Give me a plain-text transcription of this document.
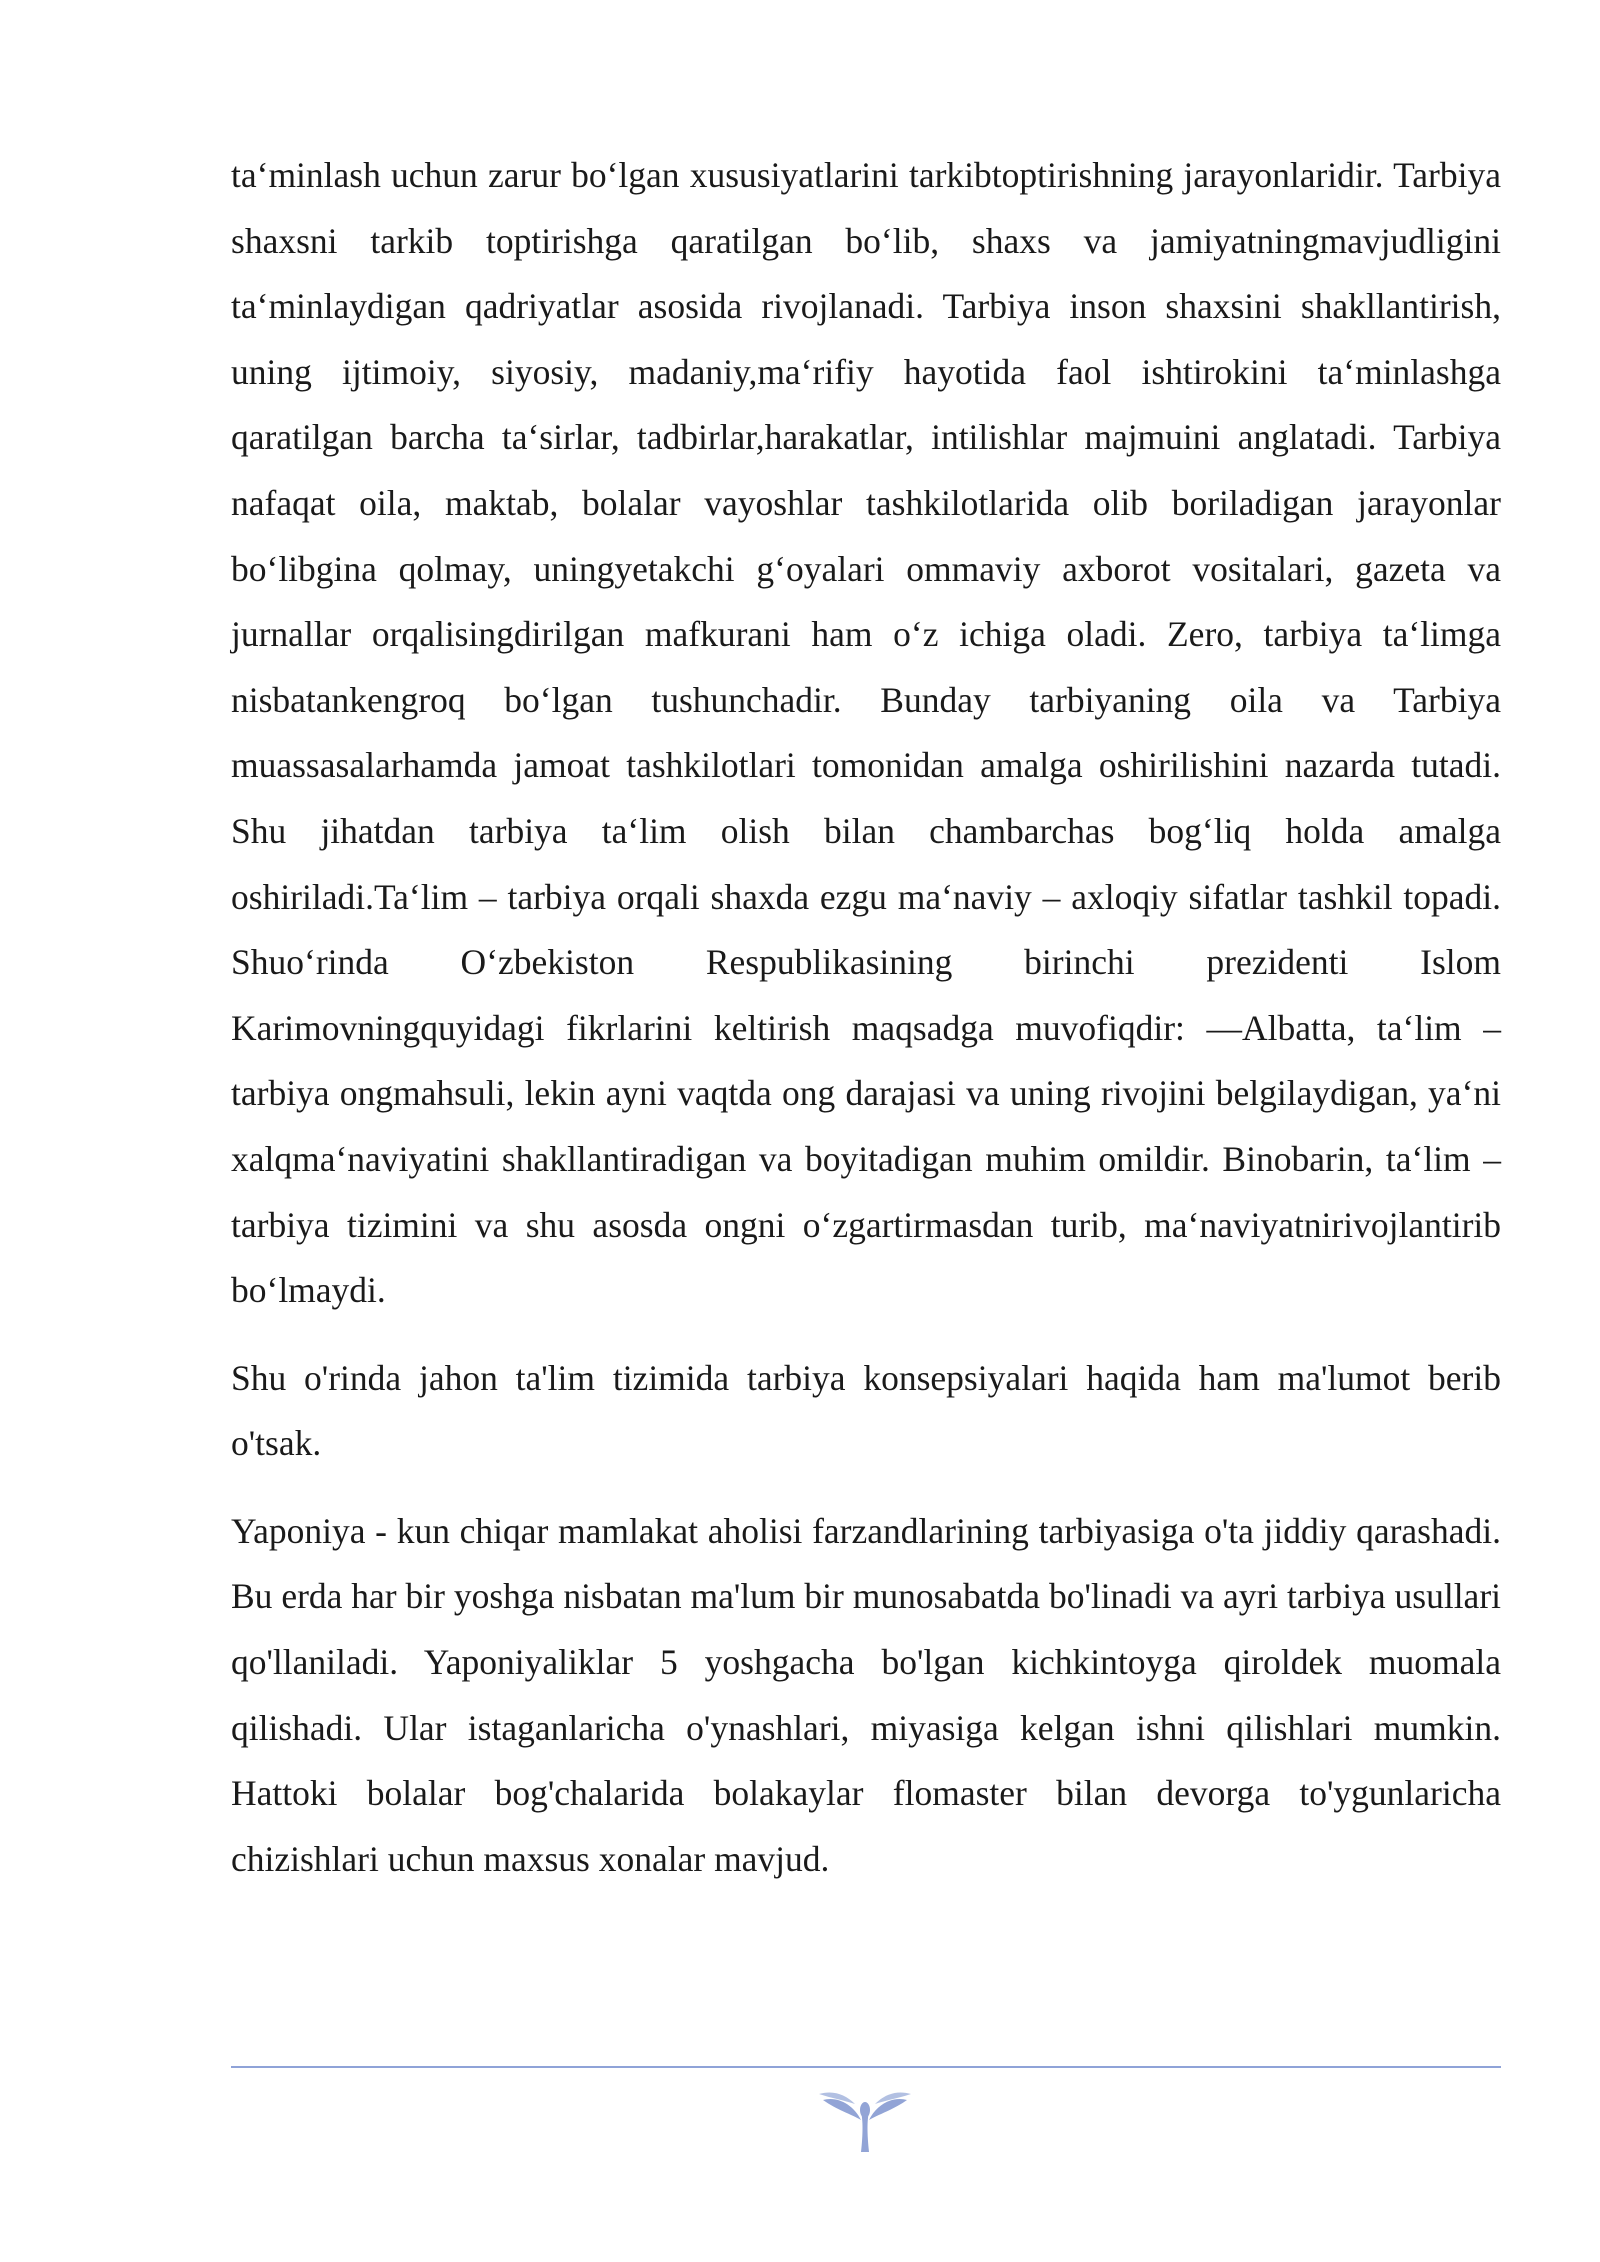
ta‘minlash uchun zarur bo‘lgan xususiyatlarini tarkibtoptirishning jarayonlaridir. Tarbiya shaxsni tarkib toptirishga qaratilgan bo‘lib, shaxs va jamiyatningmavjudligini ta‘minlaydigan qadriyatlar asosida rivojlanadi. Tarbiya inson shaxsini shakllantirish, uning ijtimoiy, siyosiy, madaniy,ma‘rifiy hayotida faol ishtirokini ta‘minlashga qaratilgan barcha ta‘sirlar, tadbirlar,harakatlar, intilishlar majmuini anglatadi. Tarbiya nafaqat oila, maktab, bolalar vayoshlar tashkilotlarida olib boriladigan jarayonlar bo‘libgina qolmay, uningyetakchi g‘oyalari ommaviy axborot vositalari, gazeta va jurnallar orqalisingdirilgan mafkurani ham o‘z ichiga oladi. Zero, tarbiya ta‘limga nisbatankengroq bo‘lgan tushunchadir. Bunday tarbiyaning oila va Tarbiya muassasalarhamda jamoat tashkilotlari tomonidan amalga oshirilishini nazarda tutadi. Shu jihatdan tarbiya ta‘lim olish bilan chambarchas bog‘liq holda amalga oshiriladi.Ta‘lim – tarbiya orqali shaxda ezgu ma‘naviy – axloqiy sifatlar tashkil topadi. Shuo‘rinda O‘zbekiston Respublikasining birinchi prezidenti Islom Karimovningquyidagi fikrlarini keltirish maqsadga muvofiqdir: ―Albatta, ta‘lim – tarbiya ongmahsuli, lekin ayni vaqtda ong darajasi va uning rivojini belgilaydigan, ya‘ni xalqma‘naviyatini shakllantiradigan va boyitadigan muhim omildir. Binobarin, ta‘lim – tarbiya tizimini va shu asosda ongni o‘zgartirmasdan turib, ma‘naviyatnirivojlantirib bo‘lmaydi.

Shu o'rinda jahon ta'lim tizimida tarbiya konsepsiyalari haqida ham ma'lumot berib o'tsak.

Yaponiya - kun chiqar mamlakat aholisi farzandlarining tarbiyasiga o'ta jiddiy qarashadi. Bu erda har bir yoshga nisbatan ma'lum bir munosabatda bo'linadi va ayri tarbiya usullari qo'llaniladi. Yaponiyaliklar 5 yoshgacha bo'lgan kichkintoyga qiroldek muomala qilishadi. Ular istaganlaricha o'ynashlari, miyasiga kelgan ishni qilishlari mumkin. Hattoki bolalar bog'chalarida bolakaylar flomaster bilan devorga to'ygunlaricha chizishlari uchun maxsus xonalar mavjud.
